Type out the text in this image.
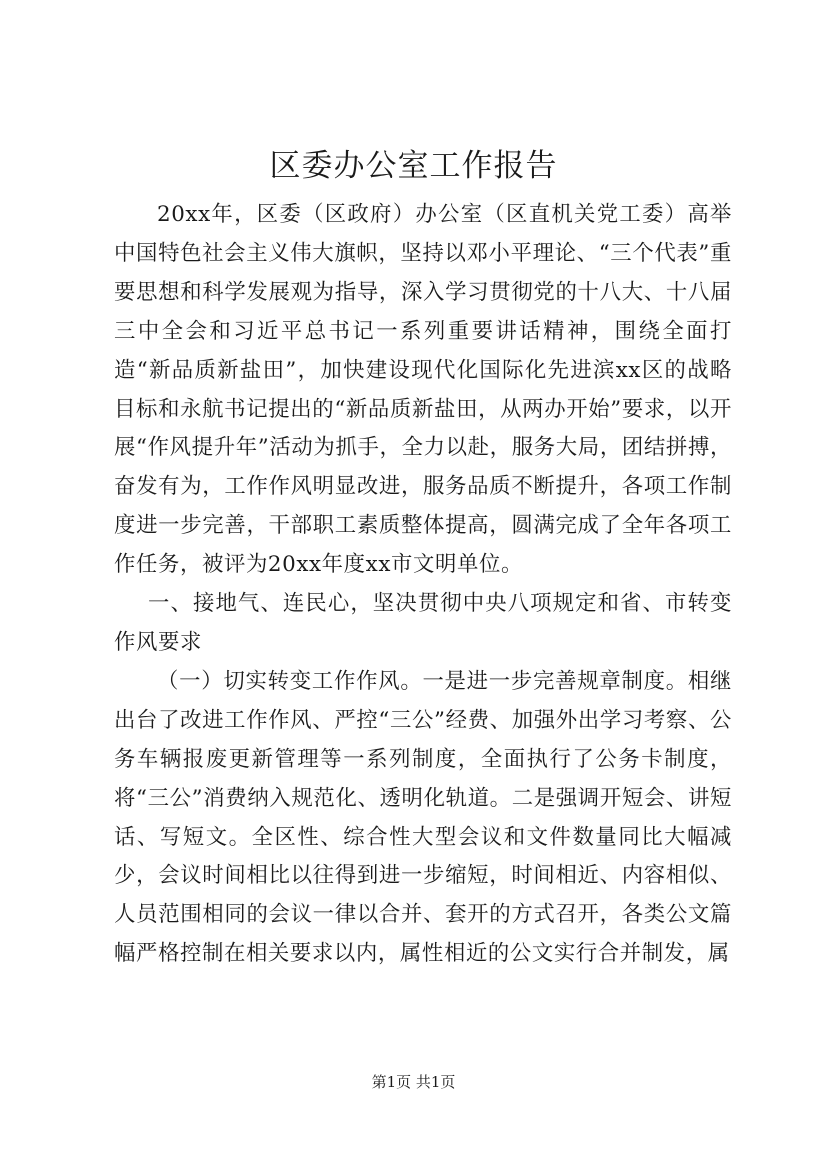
区委办公室工作报告

20xx年，区委（区政府）办公室（区直机关党工委）高举中国特色社会主义伟大旗帜，坚持以邓小平理论、“三个代表”重要思想和科学发展观为指导，深入学习贯彻党的十八大、十八届三中全会和习近平总书记一系列重要讲话精神，围绕全面打造“新品质新盐田”，加快建设现代化国际化先进滨xx区的战略目标和永航书记提出的“新品质新盐田，从两办开始”要求，以开展“作风提升年”活动为抓手，全力以赴，服务大局，团结拼搏，奋发有为，工作作风明显改进，服务品质不断提升，各项工作制度进一步完善，干部职工素质整体提高，圆满完成了全年各项工作任务，被评为20xx年度xx市文明单位。

一、接地气、连民心，坚决贯彻中央八项规定和省、市转变作风要求

（一）切实转变工作作风。一是进一步完善规章制度。相继出台了改进工作作风、严控“三公”经费、加强外出学习考察、公务车辆报废更新管理等一系列制度，全面执行了公务卡制度，将“三公”消费纳入规范化、透明化轨道。二是强调开短会、讲短话、写短文。全区性、综合性大型会议和文件数量同比大幅减少，会议时间相比以往得到进一步缩短，时间相近、内容相似、人员范围相同的会议一律以合并、套开的方式召开，各类公文篇幅严格控制在相关要求以内，属性相近的公文实行合并制发，属

第1页 共1页
